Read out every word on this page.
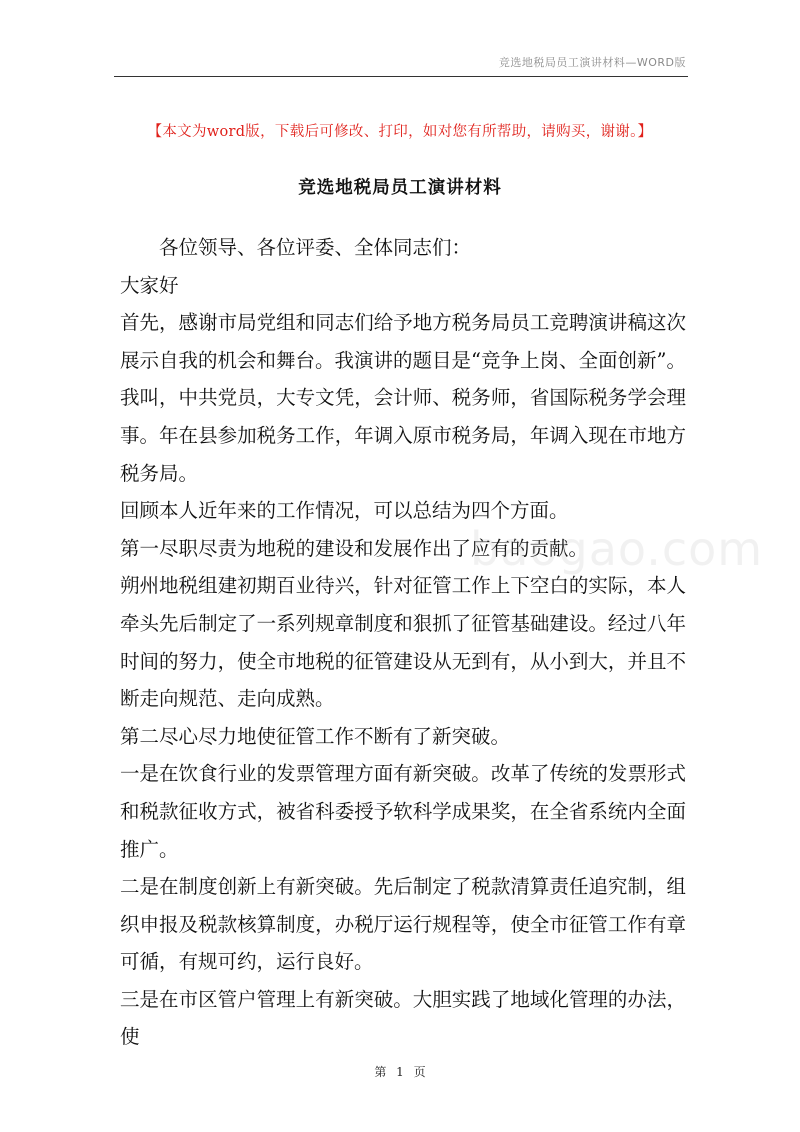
竞选地税局员工演讲材料—WORD版
【本文为word版，下载后可修改、打印，如对您有所帮助，请购买，谢谢。】
竞选地税局员工演讲材料

各位领导、各位评委、全体同志们：

大家好

首先，感谢市局党组和同志们给予地方税务局员工竞聘演讲稿这次展示自我的机会和舞台。我演讲的题目是“竞争上岗、全面创新”。我叫，中共党员，大专文凭，会计师、税务师，省国际税务学会理事。年在县参加税务工作，年调入原市税务局，年调入现在市地方税务局。

回顾本人近年来的工作情况，可以总结为四个方面。

第一尽职尽责为地税的建设和发展作出了应有的贡献。

朔州地税组建初期百业待兴，针对征管工作上下空白的实际，本人牵头先后制定了一系列规章制度和狠抓了征管基础建设。经过八年时间的努力，使全市地税的征管建设从无到有，从小到大，并且不断走向规范、走向成熟。

第二尽心尽力地使征管工作不断有了新突破。

一是在饮食行业的发票管理方面有新突破。改革了传统的发票形式和税款征收方式，被省科委授予软科学成果奖，在全省系统内全面推广。

二是在制度创新上有新突破。先后制定了税款清算责任追究制，组织申报及税款核算制度，办税厅运行规程等，使全市征管工作有章可循，有规可约，运行良好。

三是在市区管户管理上有新突破。大胆实践了地域化管理的办法，使

baogao.com
第 1 页
